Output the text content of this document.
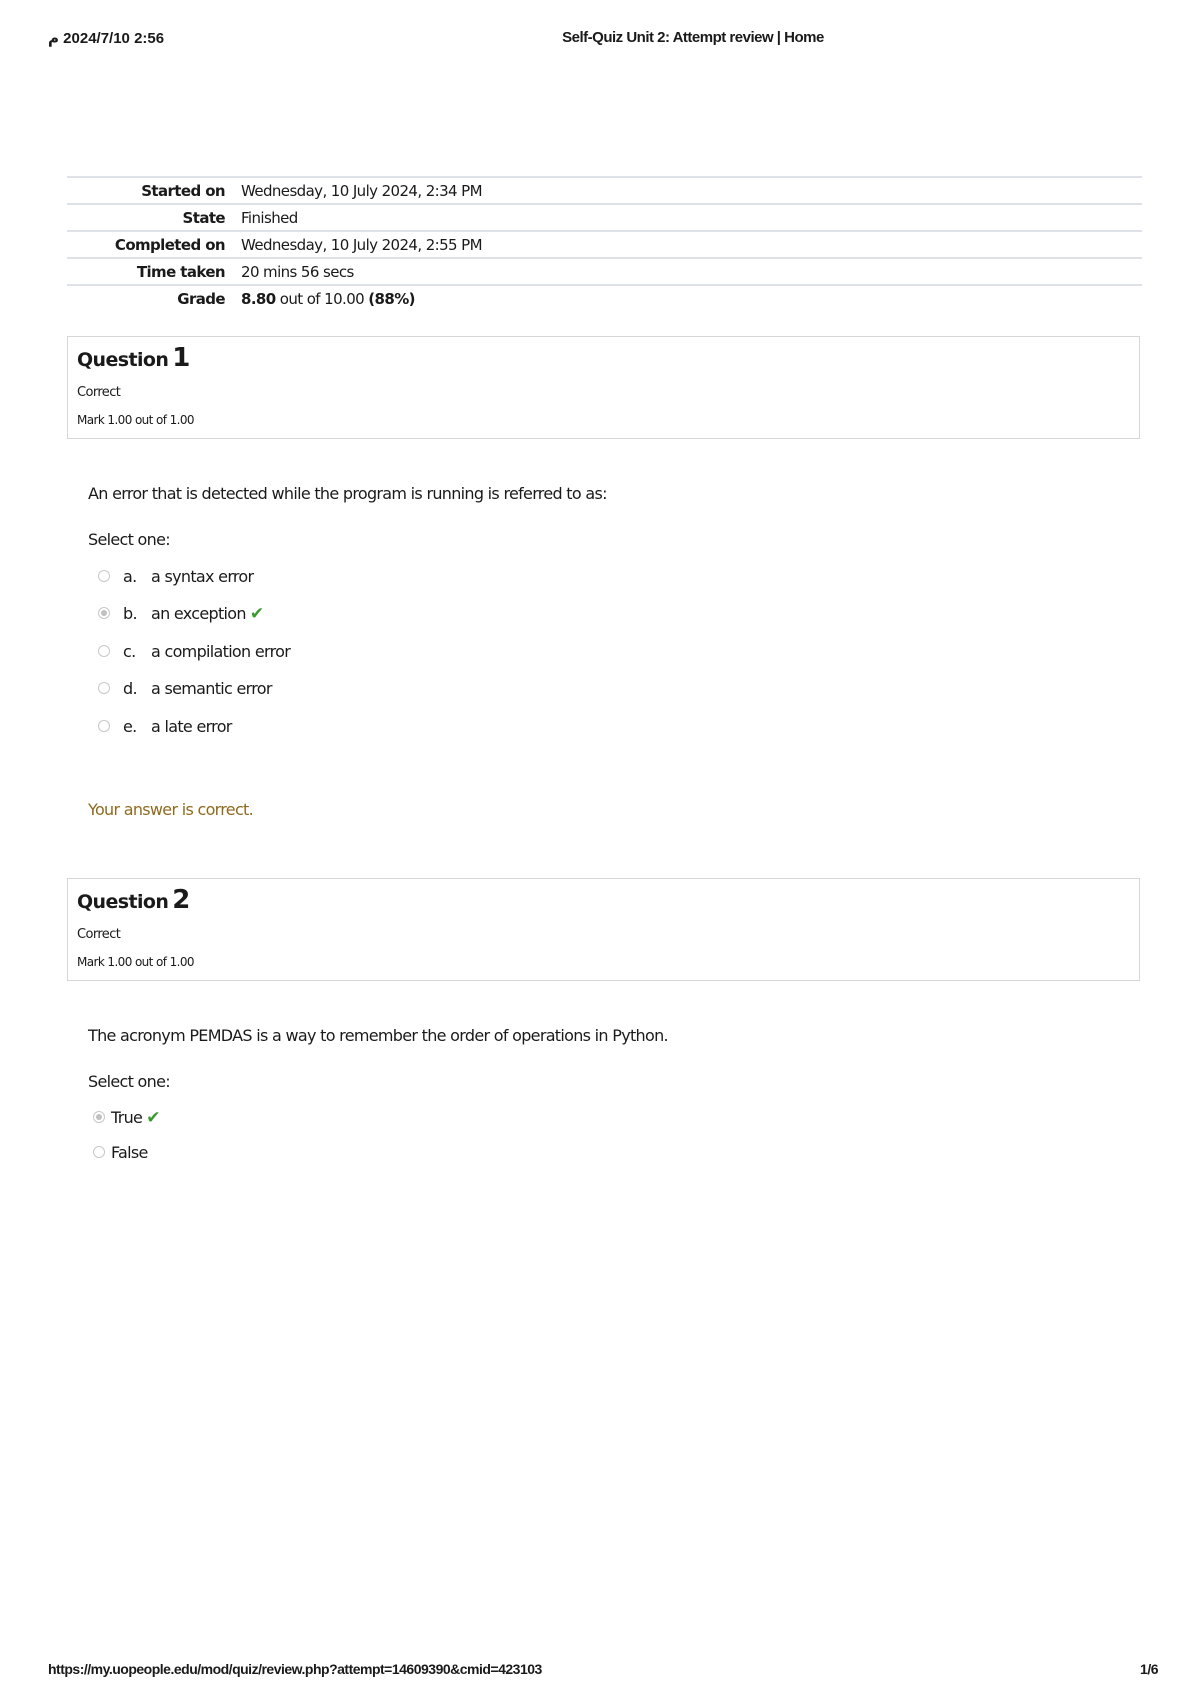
‏2:56 2024/7/10 م	Self-Quiz Unit 2: Attempt review | Home
Started on	Wednesday, 10 July 2024, 2:34 PM
State	Finished
Completed on	Wednesday, 10 July 2024, 2:55 PM
Time taken	20 mins 56 secs
Grade	8.80 out of 10.00 (88%)
Question 1
Correct
Mark 1.00 out of 1.00

An error that is detected while the program is running is referred to as:

Select one:

a. a syntax error
b. an exception ✔
c. a compilation error
d. a semantic error
e. a late error
Your answer is correct.
Question 2
Correct
Mark 1.00 out of 1.00

The acronym PEMDAS is a way to remember the order of operations in Python.

Select one:

True ✔
False
https://my.uopeople.edu/mod/quiz/review.php?attempt=14609390&cmid=423103	1/6
